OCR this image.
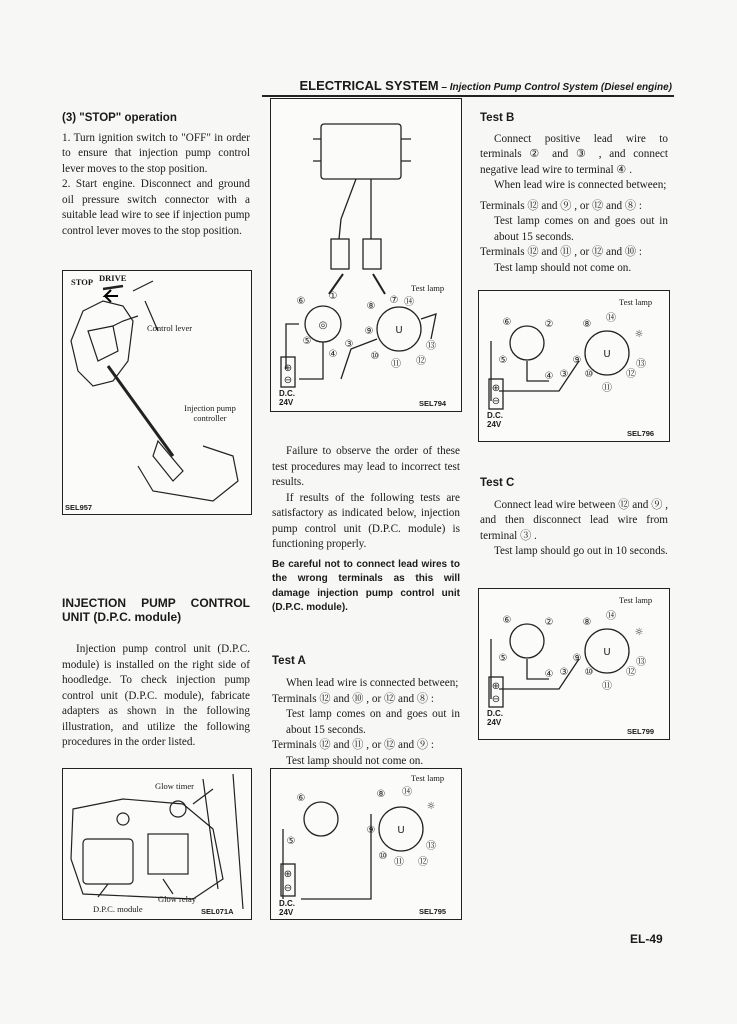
ELECTRICAL SYSTEM – Injection Pump Control System (Diesel engine)

(3) "STOP" operation

1. Turn ignition switch to "OFF" in order to ensure that injection pump control lever moves to the stop position.

2. Start engine. Disconnect and ground oil pressure switch connector with a suitable lead wire to see if injection pump control lever moves to the stop position.

STOP DRIVE
Control lever
Injection pump controller
SEL957

INJECTION PUMP CONTROL UNIT (D.P.C. module)

Injection pump control unit (D.P.C. module) is installed on the right side of hoodledge. To check injection pump control unit (D.P.C. module), fabricate adapters as shown in the following illustration, and utilize the following procedures in the order listed.

Glow timer
Glow relay
D.P.C. module	SEL071A
◎	U
⑥ ①
⑤
④
③
⑧
⑦ ⑭
⑨
⑩
⑪ ⑫
⑬
⊕
⊖
Test lamp
D.C.
24V	SEL794

Failure to observe the order of these test procedures may lead to incorrect test results.

If results of the following tests are satisfactory as indicated below, injection pump control unit (D.P.C. module) is functioning properly.

Be careful not to connect lead wires to the wrong terminals as this will damage injection pump control unit (D.P.C. module).

Test A

When lead wire is connected between;

Terminals ⑫ and ⑩ , or ⑫ and ⑧ :

Test lamp comes on and goes out in about 15 seconds.

Terminals ⑫ and ⑪ , or ⑫ and ⑨ :

Test lamp should not come on.

⑥
U
⑤
⑧ ⑭
☼
⑨
⑩
⑪ ⑫
⑬
⊕
⊖
Test lamp
D.C.
24V	SEL795

Test B

Connect positive lead wire to terminals ② and ③ , and connect negative lead wire to terminal ④ .

When lead wire is connected between;

Terminals ⑫ and ⑨ , or ⑫ and ⑧ :

Test lamp comes on and goes out in about 15 seconds.

Terminals ⑫ and ⑪ , or ⑫ and ⑩ :

Test lamp should not come on.

⑥	②
U
⑤
④ ③
⑧
⑭
☼
⑨
⑩
⑪
⑫
⑬
⊕
⊖
Test lamp
D.C.
24V
SEL796

Test C

Connect lead wire between ⑫ and ⑨ , and then disconnect lead wire from terminal ③ .

Test lamp should go out in 10 seconds.

⑥	②
U
⑤
④ ③
⑧
⑭
☼
⑨
⑩
⑪
⑫
⑬
⊕
⊖
Test lamp
D.C.
24V
SEL799
EL-49
